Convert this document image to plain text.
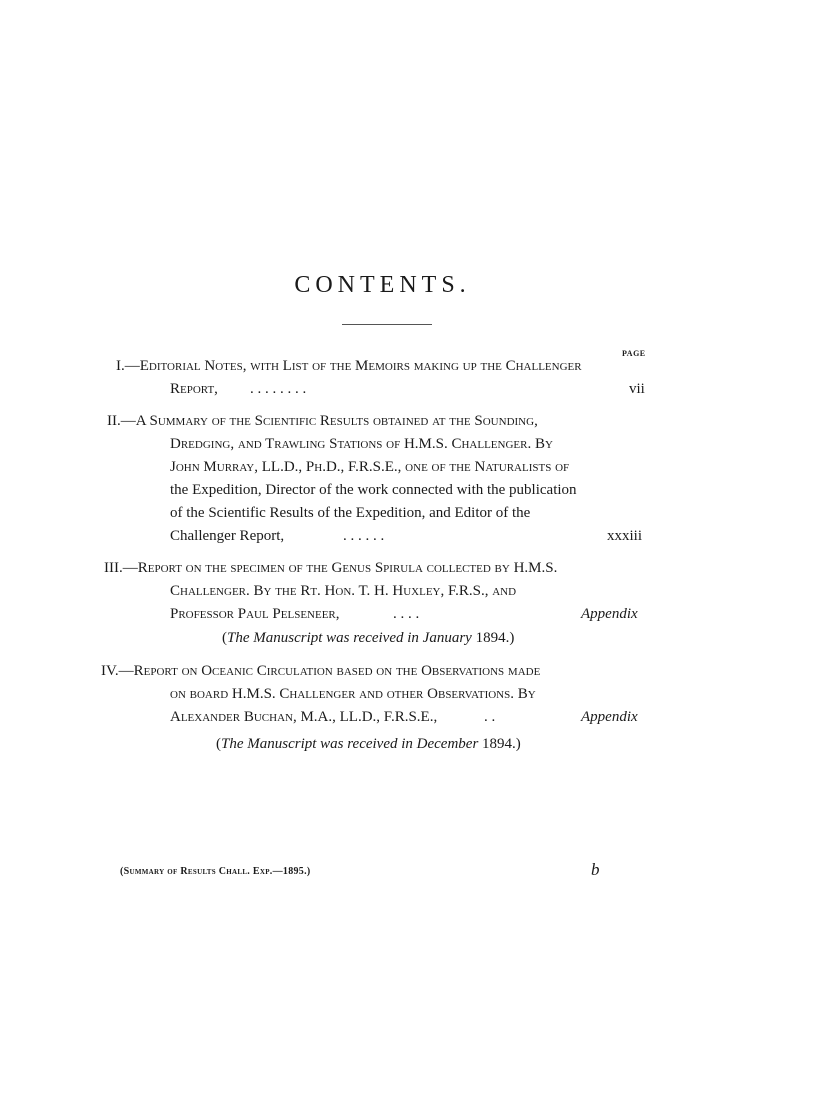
CONTENTS.
PAGE
I.—Editorial Notes, with List of the Memoirs making up the Challenger
Report, . . . . . . . .	vii
II.—A Summary of the Scientific Results obtained at the Sounding,
Dredging, and Trawling Stations of H.M.S. Challenger. By
John Murray, LL.D., Ph.D., F.R.S.E., one of the Naturalists of
the Expedition, Director of the work connected with the publication
of the Scientific Results of the Expedition, and Editor of the
Challenger Report,	. . . . . .	xxxiii
III.—Report on the specimen of the Genus Spirula collected by H.M.S.
Challenger. By the Rt. Hon. T. H. Huxley, F.R.S., and
Professor Paul Pelseneer,	. . . .	Appendix
(The Manuscript was received in January 1894.)
IV.—Report on Oceanic Circulation based on the Observations made
on board H.M.S. Challenger and other Observations. By
Alexander Buchan, M.A., LL.D., F.R.S.E.,	. .	Appendix
(The Manuscript was received in December 1894.)
(Summary of Results Chall. Exp.—1895.)	b
